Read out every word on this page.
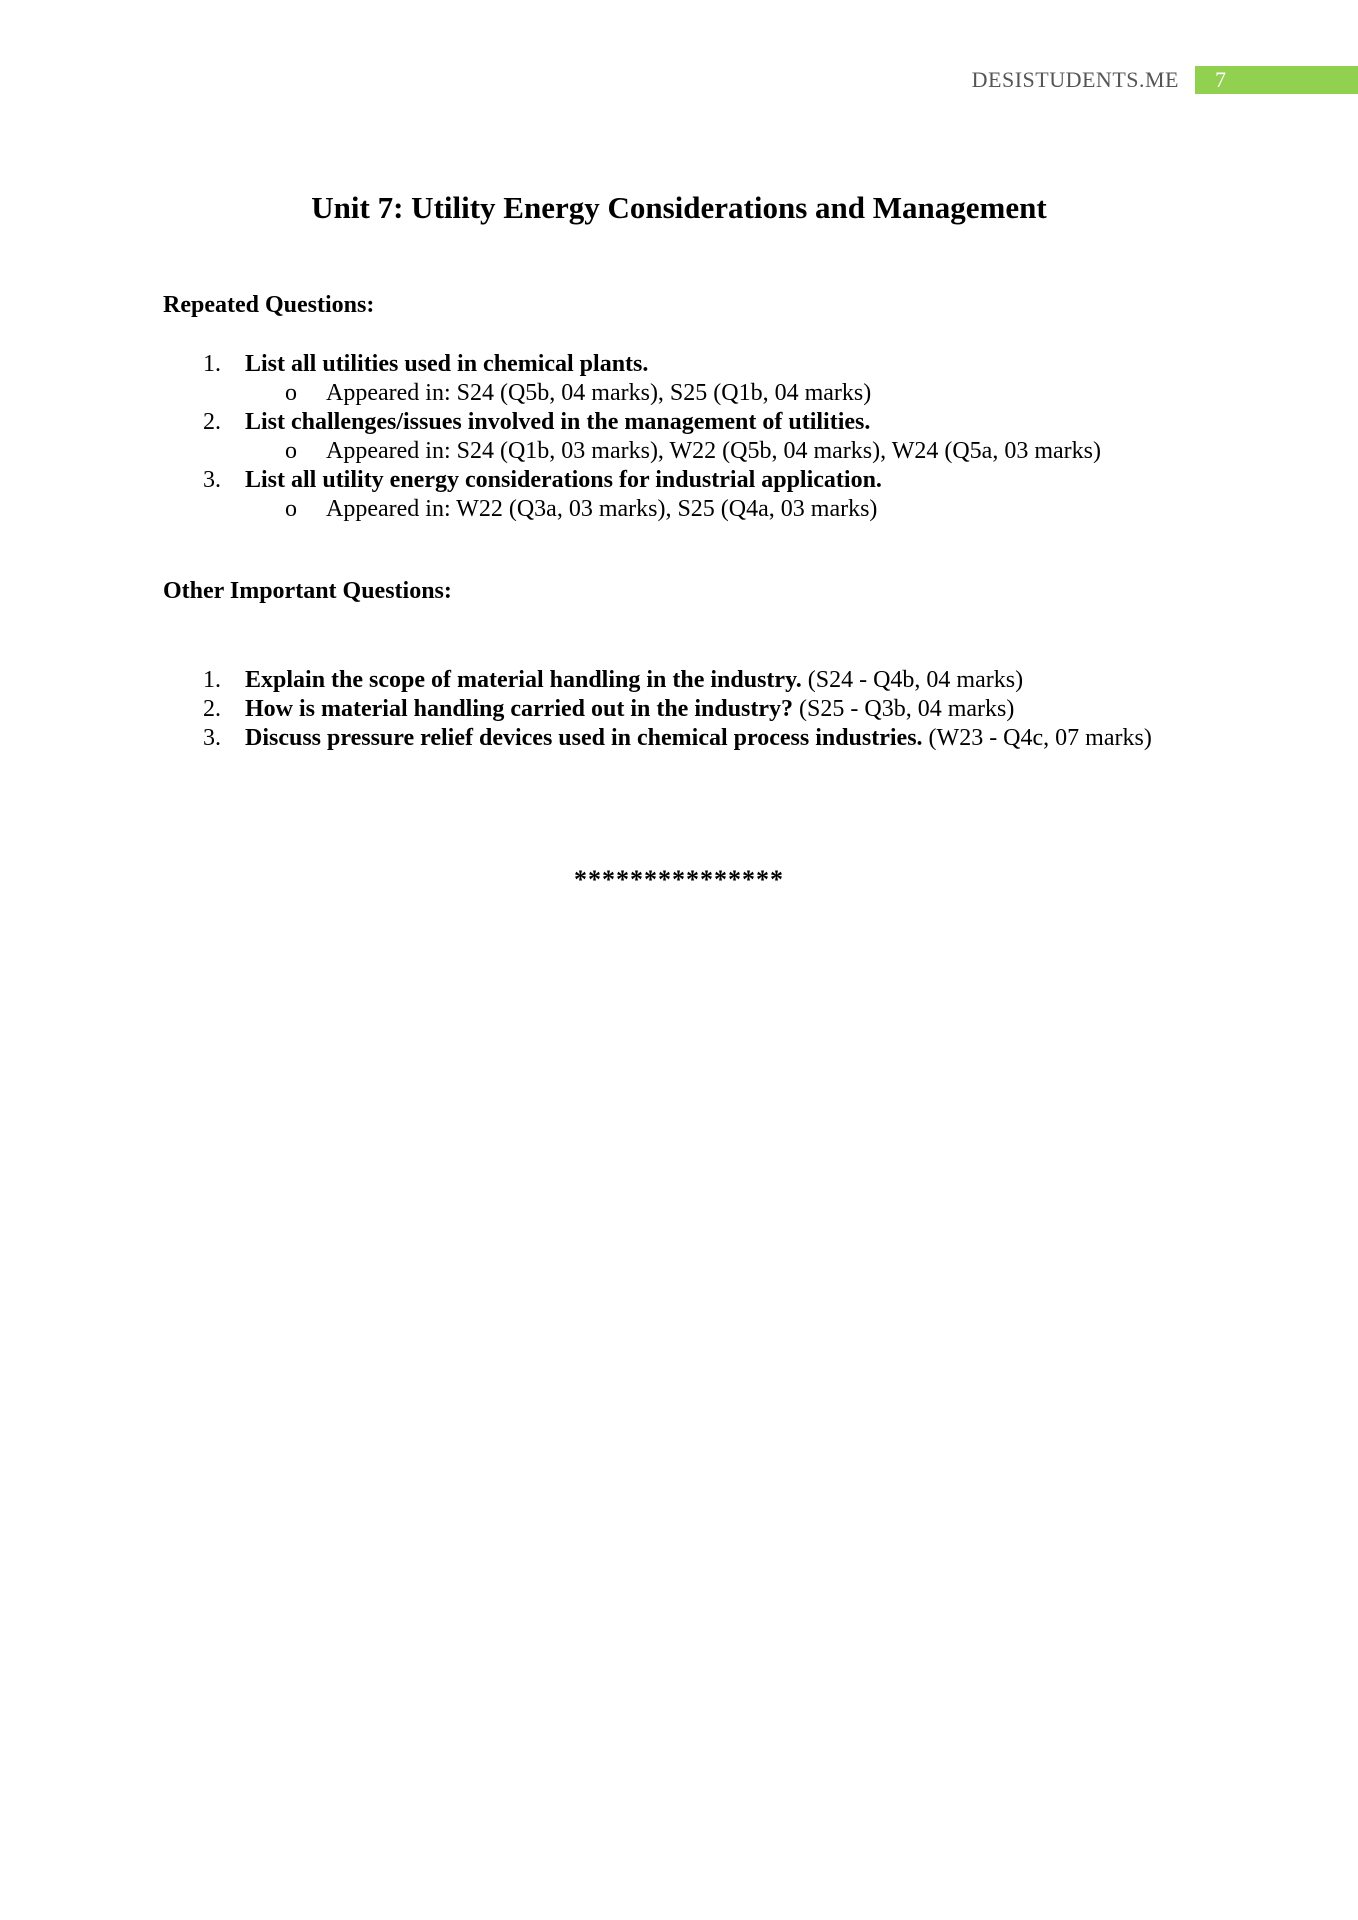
DESISTUDENTS.ME	7
Unit 7: Utility Energy Considerations and Management
Repeated Questions:
1.	List all utilities used in chemical plants.
o Appeared in: S24 (Q5b, 04 marks), S25 (Q1b, 04 marks)
2.	List challenges/issues involved in the management of utilities.
o Appeared in: S24 (Q1b, 03 marks), W22 (Q5b, 04 marks), W24 (Q5a, 03 marks)
3.	List all utility energy considerations for industrial application.
o Appeared in: W22 (Q3a, 03 marks), S25 (Q4a, 03 marks)
Other Important Questions:
1.	Explain the scope of material handling in the industry. (S24 - Q4b, 04 marks)
2.	How is material handling carried out in the industry? (S25 - Q3b, 04 marks)
3.	Discuss pressure relief devices used in chemical process industries. (W23 - Q4c, 07 marks)
***************
